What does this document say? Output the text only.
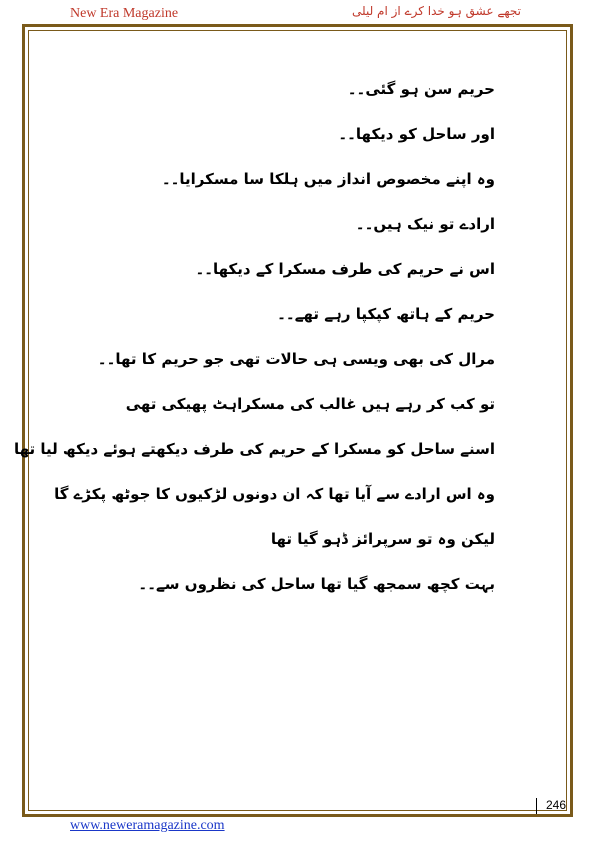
New Era Magazine	تجھے عشق ہو خدا کرے از ام لیلی
حریم سن ہو گئی۔۔
اور ساحل کو دیکھا۔۔
وہ اپنے مخصوص انداز میں ہلکا سا مسکرایا۔۔
ارادے تو نیک ہیں۔۔
اس نے حریم کی طرف مسکرا کے دیکھا۔۔
حریم کے ہاتھ کپکپا رہے تھے۔۔
مرال کی بھی ویسی ہی حالات تھی جو حریم کا تھا۔۔
تو کب کر رہے ہیں غالب کی مسکراہٹ پھیکی تھی
اسنے ساحل کو مسکرا کے حریم کی طرف دیکھتے ہوئے دیکھ لیا تھا
وہ اس ارادے سے آیا تھا کہ ان دونوں لڑکیوں کا جوٹھ پکڑے گا
لیکن وہ تو سرپرائز ڈہو گیا تھا
بہت کچھ سمجھ گیا تھا ساحل کی نظروں سے۔۔
246
www.neweramagazine.com
